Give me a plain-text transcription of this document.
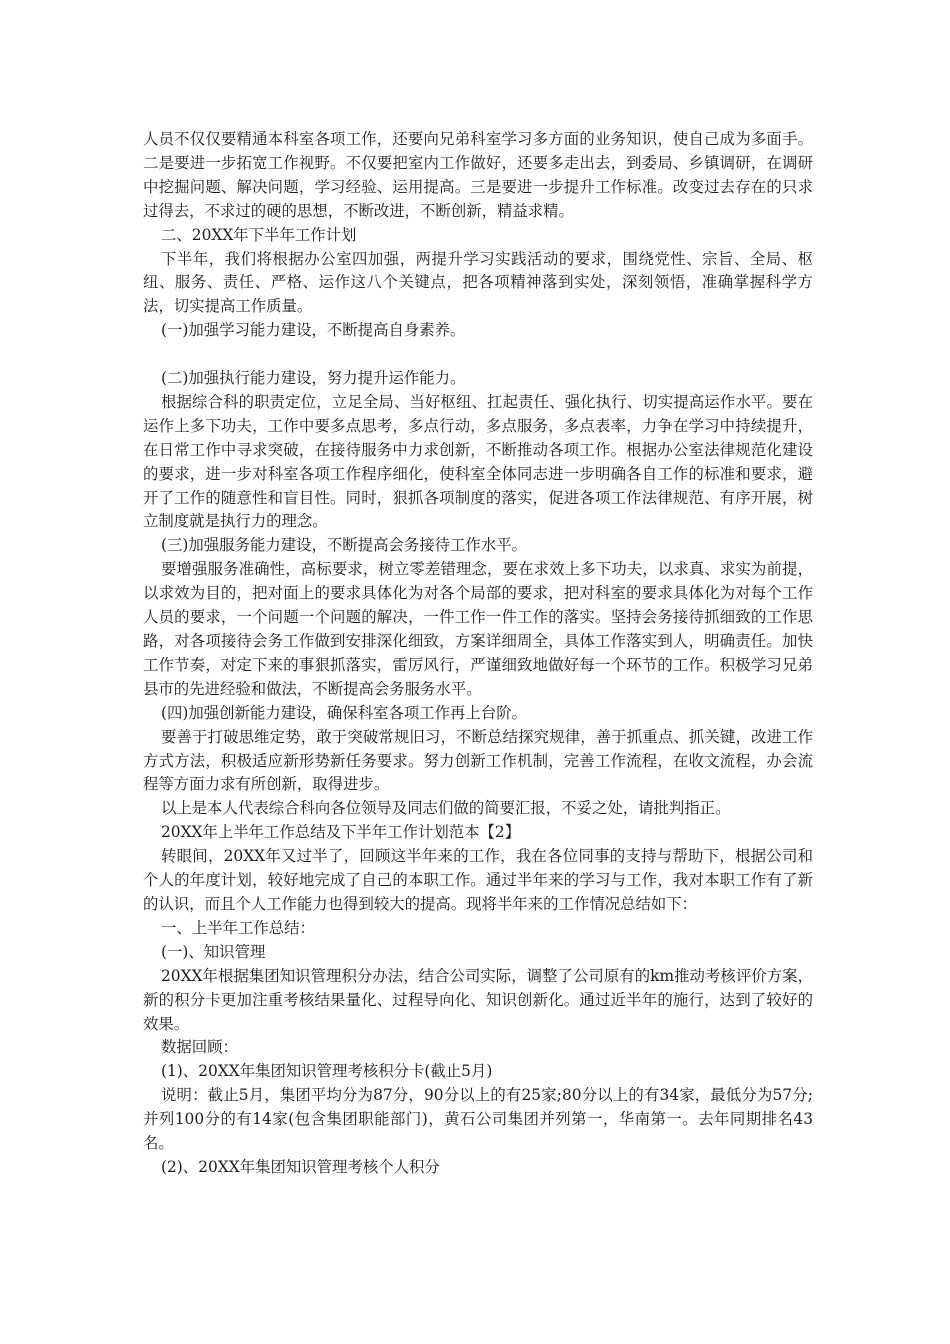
人员不仅仅要精通本科室各项工作，还要向兄弟科室学习多方面的业务知识，使自己成为多面手。二是要进一步拓宽工作视野。不仅要把室内工作做好，还要多走出去，到委局、乡镇调研，在调研中挖掘问题、解决问题，学习经验、运用提高。三是要进一步提升工作标准。改变过去存在的只求过得去，不求过的硬的思想，不断改进，不断创新，精益求精。

二、20XX年下半年工作计划

下半年，我们将根据办公室四加强，两提升学习实践活动的要求，围绕党性、宗旨、全局、枢纽、服务、责任、严格、运作这八个关键点，把各项精神落到实处，深刻领悟，准确掌握科学方法，切实提高工作质量。

(一)加强学习能力建设，不断提高自身素养。

(二)加强执行能力建设，努力提升运作能力。

根据综合科的职责定位，立足全局、当好枢纽、扛起责任、强化执行、切实提高运作水平。要在运作上多下功夫，工作中要多点思考，多点行动，多点服务，多点表率，力争在学习中持续提升，在日常工作中寻求突破，在接待服务中力求创新，不断推动各项工作。根据办公室法律规范化建设的要求，进一步对科室各项工作程序细化，使科室全体同志进一步明确各自工作的标准和要求，避开了工作的随意性和盲目性。同时，狠抓各项制度的落实，促进各项工作法律规范、有序开展，树立制度就是执行力的理念。

(三)加强服务能力建设，不断提高会务接待工作水平。

要增强服务准确性，高标要求，树立零差错理念，要在求效上多下功夫，以求真、求实为前提，以求效为目的，把对面上的要求具体化为对各个局部的要求，把对科室的要求具体化为对每个工作人员的要求，一个问题一个问题的解决，一件工作一件工作的落实。坚持会务接待抓细致的工作思路，对各项接待会务工作做到安排深化细致，方案详细周全，具体工作落实到人，明确责任。加快工作节奏，对定下来的事狠抓落实，雷厉风行，严谨细致地做好每一个环节的工作。积极学习兄弟县市的先进经验和做法，不断提高会务服务水平。

(四)加强创新能力建设，确保科室各项工作再上台阶。

要善于打破思维定势，敢于突破常规旧习，不断总结探究规律，善于抓重点、抓关键，改进工作方式方法，积极适应新形势新任务要求。努力创新工作机制，完善工作流程，在收文流程，办会流程等方面力求有所创新，取得进步。

以上是本人代表综合科向各位领导及同志们做的简要汇报，不妥之处，请批判指正。

20XX年上半年工作总结及下半年工作计划范本【2】

转眼间，20XX年又过半了，回顾这半年来的工作，我在各位同事的支持与帮助下，根据公司和个人的年度计划，较好地完成了自己的本职工作。通过半年来的学习与工作，我对本职工作有了新的认识，而且个人工作能力也得到较大的提高。现将半年来的工作情况总结如下：

一、上半年工作总结：

(一)、知识管理

20XX年根据集团知识管理积分办法，结合公司实际，调整了公司原有的km推动考核评价方案，新的积分卡更加注重考核结果量化、过程导向化、知识创新化。通过近半年的施行，达到了较好的效果。

数据回顾：

(1)、20XX年集团知识管理考核积分卡(截止5月)

说明：截止5月，集团平均分为87分，90分以上的有25家;80分以上的有34家，最低分为57分;并列100分的有14家(包含集团职能部门)，黄石公司集团并列第一，华南第一。去年同期排名43名。

(2)、20XX年集团知识管理考核个人积分
